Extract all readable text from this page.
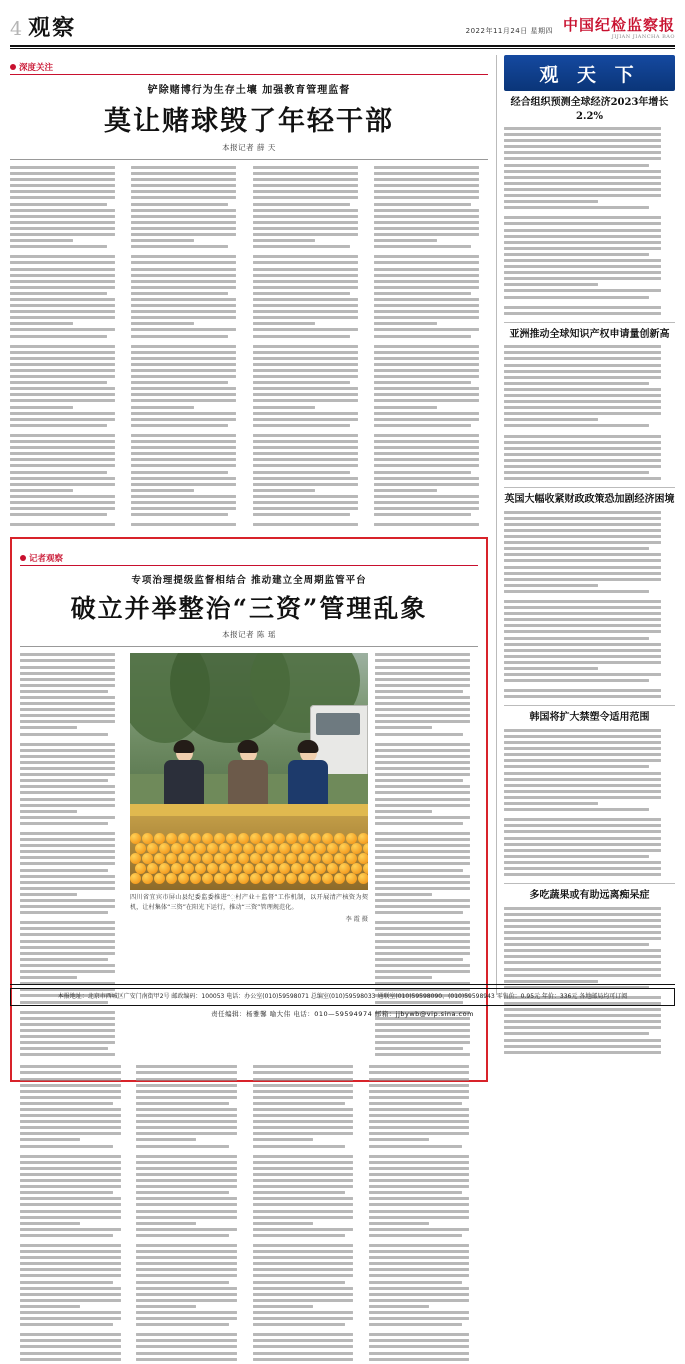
4 观察	2022年11月24日 星期四 中国纪检监察报
JIJIAN JIANCHA BAO
深度关注
铲除赌博行为生存土壤 加强教育管理监督
莫让赌球毁了年轻干部
本报记者 薛 天
记者观察
专项治理提级监督相结合 推动建立全周期监管平台
破立并举整治“三资”管理乱象
本报记者 陈 瑶
四川省宜宾市屏山县纪委监委推进“಼村产业＋监督”工作机制，以开展清产核资为契机，让村集体“三资”在阳光下运行，推动“三资”管理规范化。
李 霞 摄
观 天 下
经合组织预测全球经济2023年增长2.2%
亚洲推动全球知识产权申请量创新高
英国大幅收紧财政政策恐加剧经济困境
韩国将扩大禁塑令适用范围
多吃蔬果或有助远离痴呆症
本报地址：北京市西城区广安门南街甲2号 邮政编码：100053 电话：办公室(010)59598071 总编室(010)59598033 通联室(010)59598090、(010)59598943 零售价：0.95元 年价：336元 各地邮局均可订阅
责任编辑：杨雅馨 喻大伟 电话：010—59594974 邮箱：jjbywb@vip.sina.com
